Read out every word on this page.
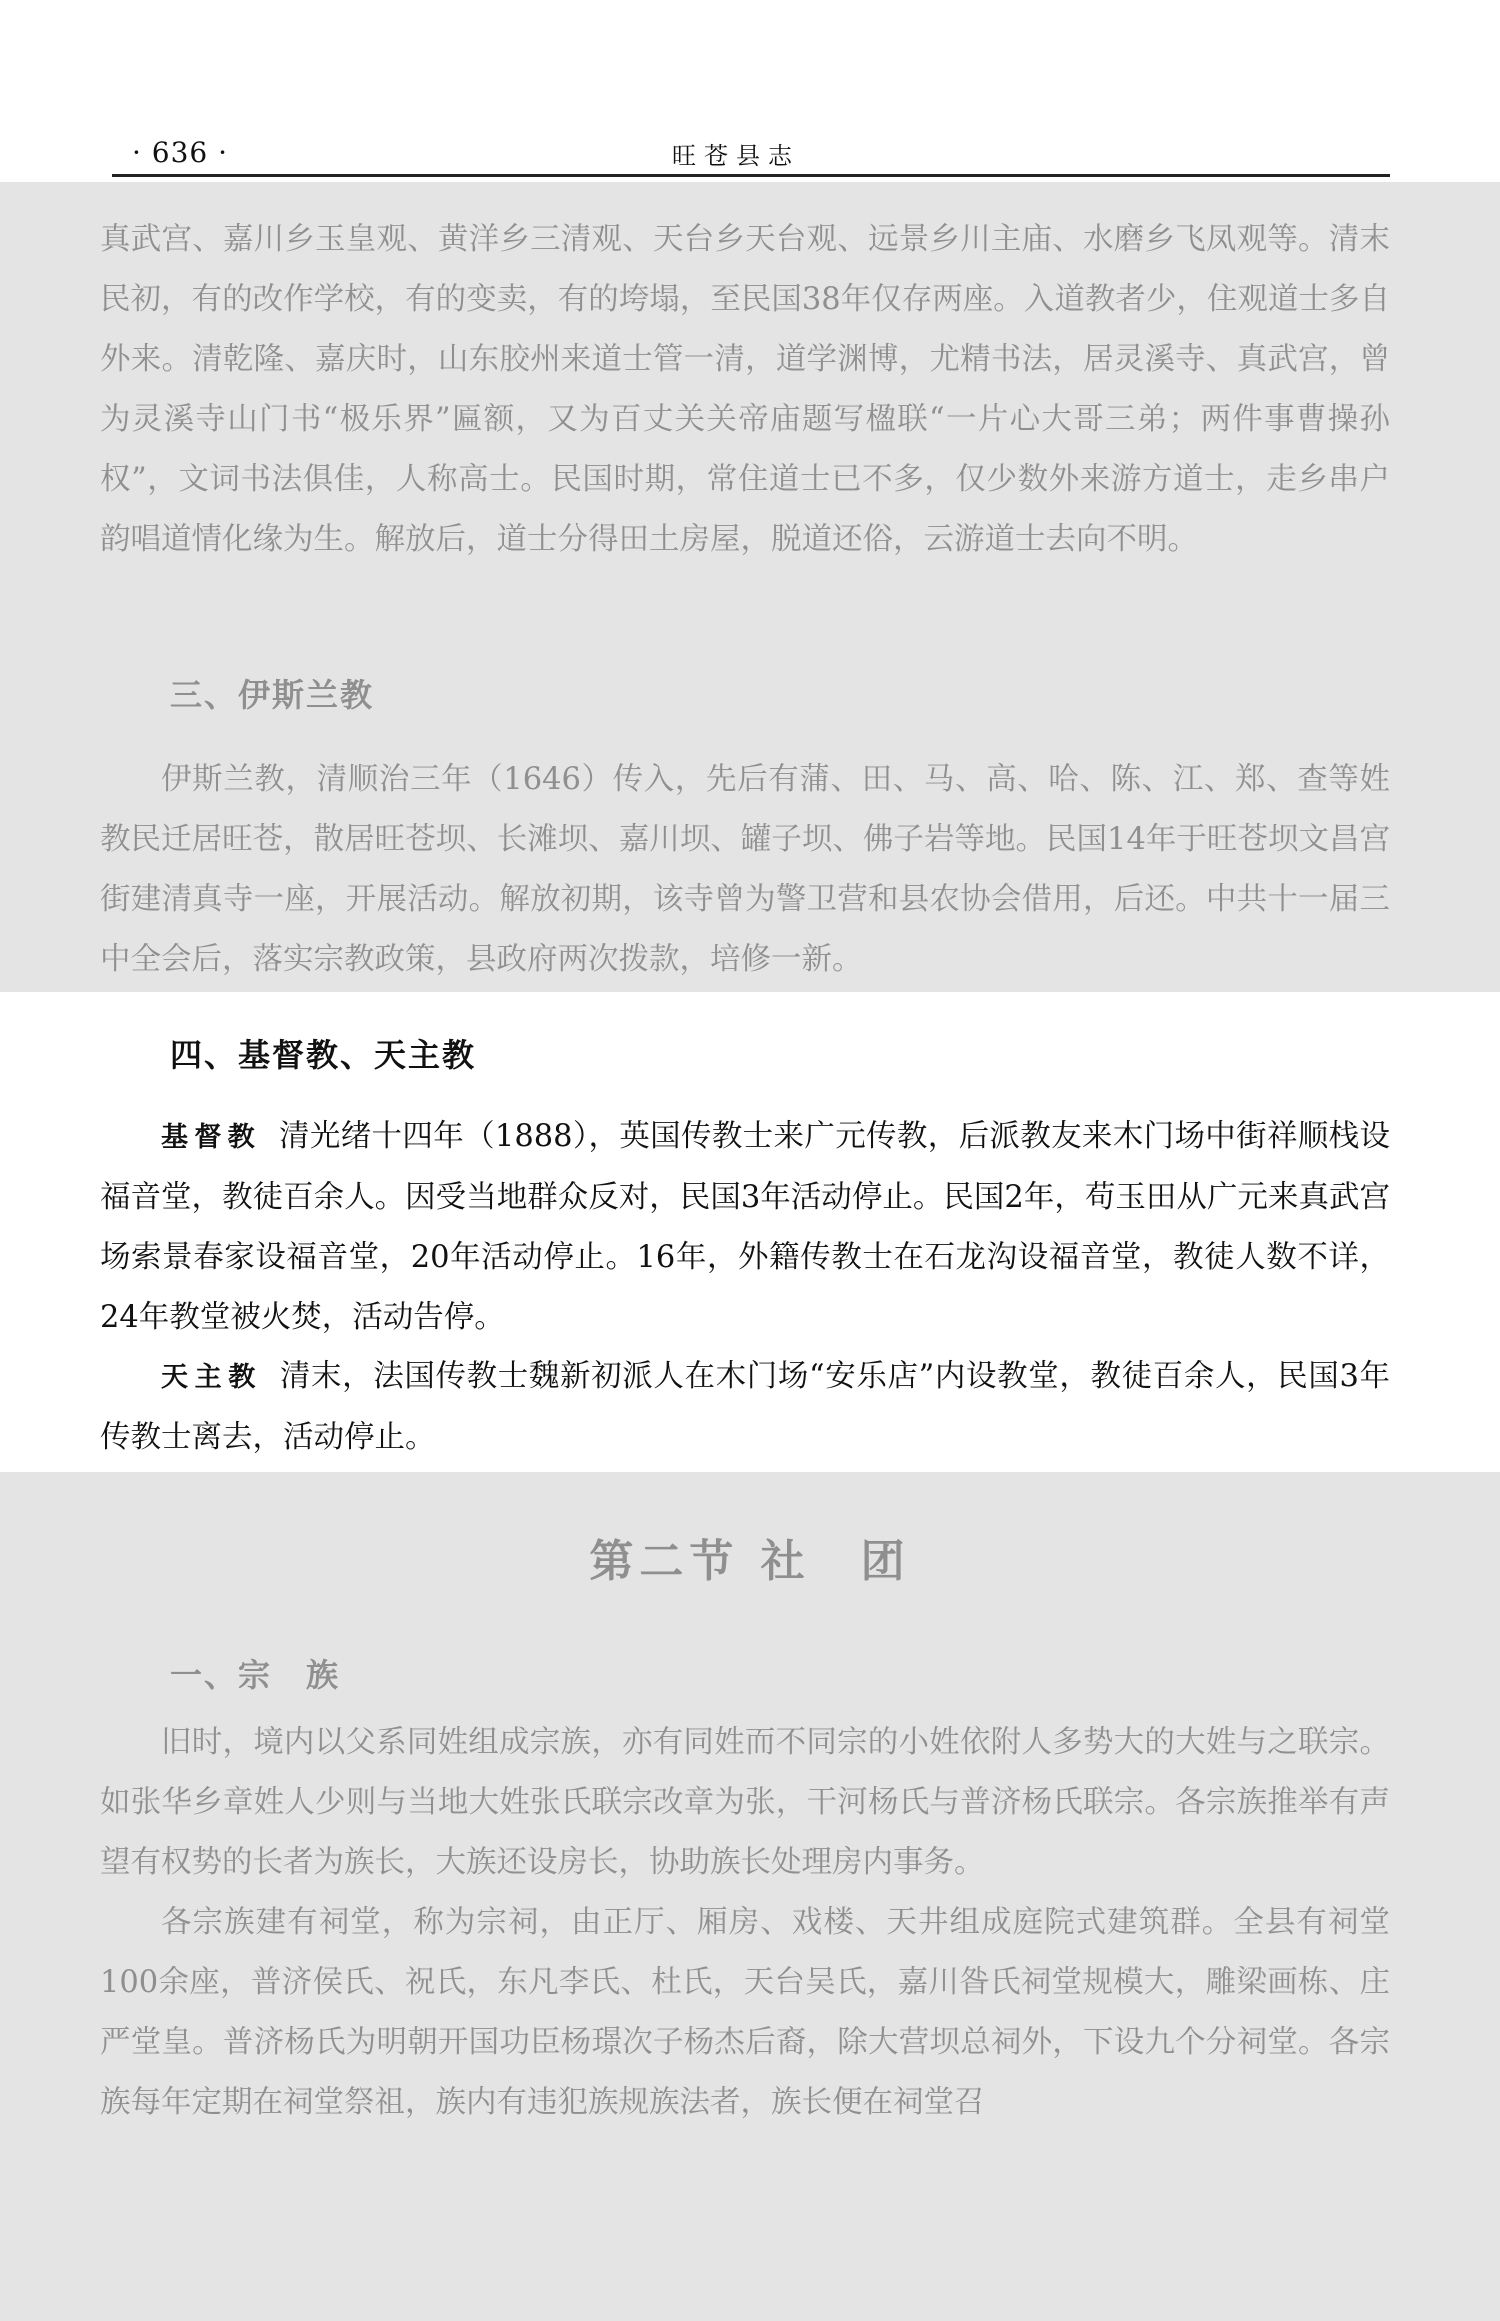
· 636 ·	旺苍县志

真武宫、嘉川乡玉皇观、黄洋乡三清观、天台乡天台观、远景乡川主庙、水磨乡飞凤观等。清末民初，有的改作学校，有的变卖，有的垮塌，至民国38年仅存两座。入道教者少，住观道士多自外来。清乾隆、嘉庆时，山东胶州来道士管一清，道学渊博，尤精书法，居灵溪寺、真武宫，曾为灵溪寺山门书“极乐界”匾额，又为百丈关关帝庙题写楹联“一片心大哥三弟；两件事曹操孙权”，文词书法俱佳，人称高士。民国时期，常住道士已不多，仅少数外来游方道士，走乡串户韵唱道情化缘为生。解放后，道士分得田土房屋，脱道还俗，云游道士去向不明。

三、伊斯兰教

伊斯兰教，清顺治三年（1646）传入，先后有蒲、田、马、高、哈、陈、江、郑、查等姓教民迁居旺苍，散居旺苍坝、长滩坝、嘉川坝、罐子坝、佛子岩等地。民国14年于旺苍坝文昌宫街建清真寺一座，开展活动。解放初期，该寺曾为警卫营和县农协会借用，后还。中共十一届三中全会后，落实宗教政策，县政府两次拨款，培修一新。

四、基督教、天主教

基督教 清光绪十四年（1888），英国传教士来广元传教，后派教友来木门场中街祥顺栈设福音堂，教徒百余人。因受当地群众反对，民国3年活动停止。民国2年，苟玉田从广元来真武宫场索景春家设福音堂，20年活动停止。16年，外籍传教士在石龙沟设福音堂，教徒人数不详，24年教堂被火焚，活动告停。

天主教 清末，法国传教士魏新初派人在木门场“安乐店”内设教堂，教徒百余人，民国3年传教士离去，活动停止。

第二节 社　团
一、宗　族

旧时，境内以父系同姓组成宗族，亦有同姓而不同宗的小姓依附人多势大的大姓与之联宗。如张华乡章姓人少则与当地大姓张氏联宗改章为张，干河杨氏与普济杨氏联宗。各宗族推举有声望有权势的长者为族长，大族还设房长，协助族长处理房内事务。

各宗族建有祠堂，称为宗祠，由正厅、厢房、戏楼、天井组成庭院式建筑群。全县有祠堂100余座，普济侯氏、祝氏，东凡李氏、杜氏，天台吴氏，嘉川昝氏祠堂规模大，雕梁画栋、庄严堂皇。普济杨氏为明朝开国功臣杨璟次子杨杰后裔，除大营坝总祠外，下设九个分祠堂。各宗族每年定期在祠堂祭祖，族内有违犯族规族法者，族长便在祠堂召
